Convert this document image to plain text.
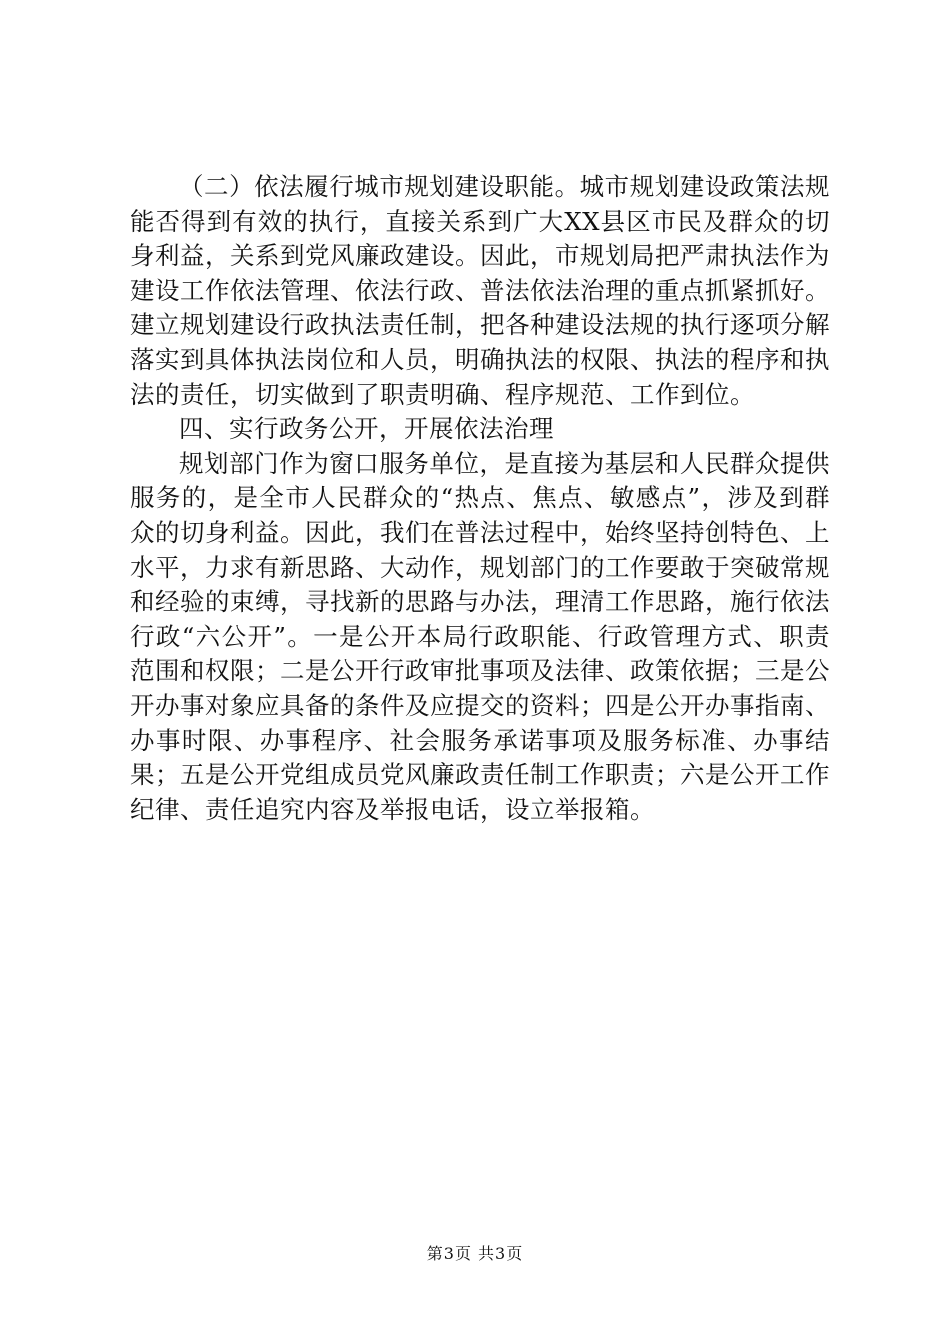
（二）依法履行城市规划建设职能。城市规划建设政策法规能否得到有效的执行，直接关系到广大XX县区市民及群众的切身利益，关系到党风廉政建设。因此，市规划局把严肃执法作为建设工作依法管理、依法行政、普法依法治理的重点抓紧抓好。建立规划建设行政执法责任制，把各种建设法规的执行逐项分解落实到具体执法岗位和人员，明确执法的权限、执法的程序和执法的责任，切实做到了职责明确、程序规范、工作到位。

四、实行政务公开，开展依法治理

规划部门作为窗口服务单位，是直接为基层和人民群众提供服务的，是全市人民群众的“热点、焦点、敏感点”，涉及到群众的切身利益。因此，我们在普法过程中，始终坚持创特色、上水平，力求有新思路、大动作，规划部门的工作要敢于突破常规和经验的束缚，寻找新的思路与办法，理清工作思路，施行依法行政“六公开”。一是公开本局行政职能、行政管理方式、职责范围和权限；二是公开行政审批事项及法律、政策依据；三是公开办事对象应具备的条件及应提交的资料；四是公开办事指南、办事时限、办事程序、社会服务承诺事项及服务标准、办事结果；五是公开党组成员党风廉政责任制工作职责；六是公开工作纪律、责任追究内容及举报电话，设立举报箱。

第3页 共3页
